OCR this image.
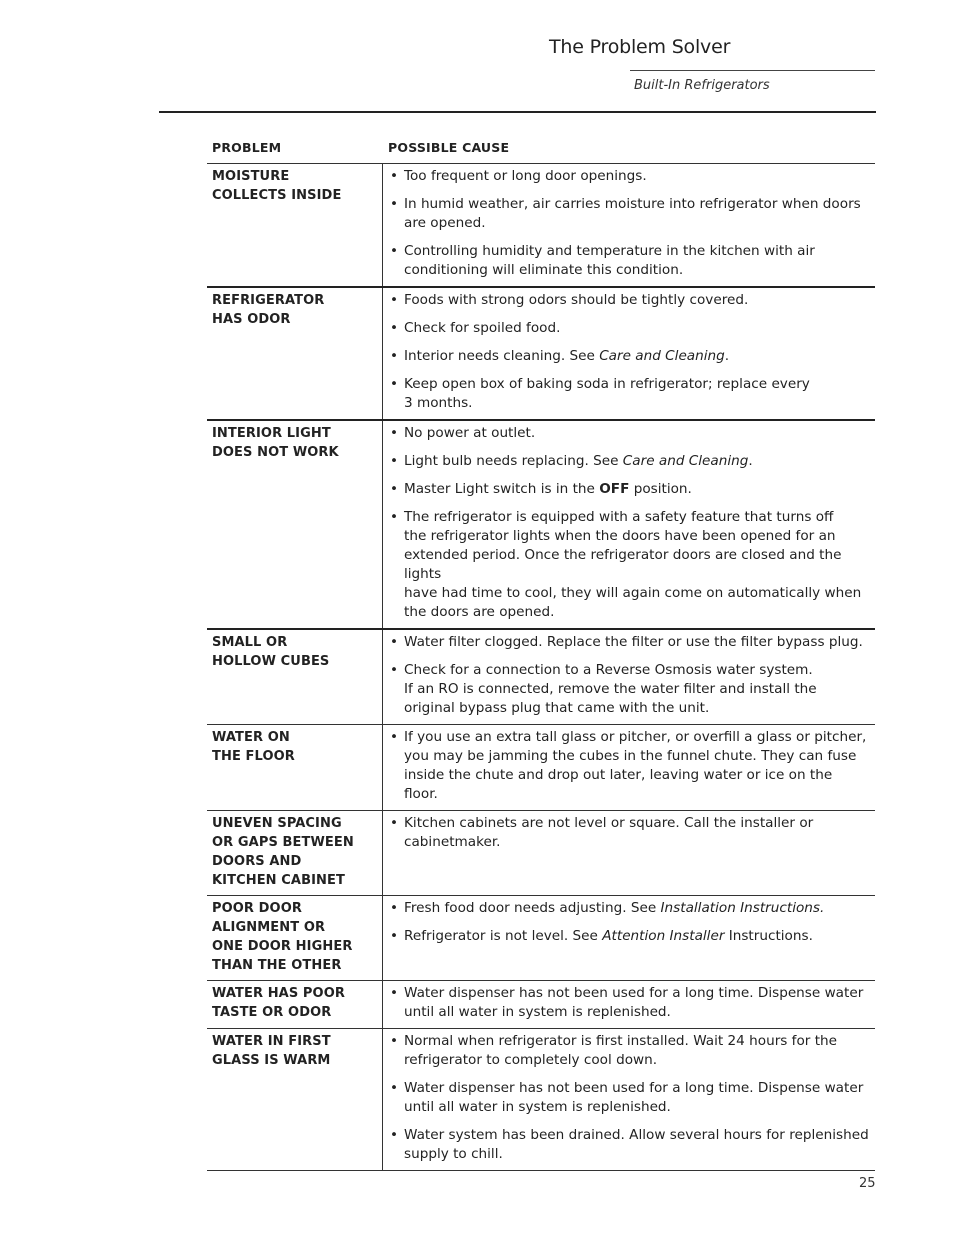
The Problem Solver
Built-In Refrigerators
PROBLEM	POSSIBLE CAUSE
MOISTURE
COLLECTS INSIDE
• Too frequent or long door openings.
• In humid weather, air carries moisture into refrigerator when doors are opened.
• Controlling humidity and temperature in the kitchen with air conditioning will eliminate this condition.
REFRIGERATOR
HAS ODOR
• Foods with strong odors should be tightly covered.
• Check for spoiled food.
• Interior needs cleaning. See Care and Cleaning.
• Keep open box of baking soda in refrigerator; replace every
3 months.
INTERIOR LIGHT
DOES NOT WORK
• No power at outlet.
• Light bulb needs replacing. See Care and Cleaning.
• Master Light switch is in the OFF position.
• The refrigerator is equipped with a safety feature that turns off
the refrigerator lights when the doors have been opened for an
extended period. Once the refrigerator doors are closed and the lights
have had time to cool, they will again come on automatically when
the doors are opened.
SMALL OR
HOLLOW CUBES
• Water filter clogged. Replace the filter or use the filter bypass plug.
• Check for a connection to a Reverse Osmosis water system.
If an RO is connected, remove the water filter and install the
original bypass plug that came with the unit.
WATER ON
THE FLOOR
• If you use an extra tall glass or pitcher, or overfill a glass or pitcher,
you may be jamming the cubes in the funnel chute. They can fuse
inside the chute and drop out later, leaving water or ice on the floor.
UNEVEN SPACING
OR GAPS BETWEEN
DOORS AND
KITCHEN CABINET
• Kitchen cabinets are not level or square. Call the installer or
cabinetmaker.
POOR DOOR
ALIGNMENT OR
ONE DOOR HIGHER
THAN THE OTHER
• Fresh food door needs adjusting. See Installation Instructions.
• Refrigerator is not level. See Attention Installer Instructions.
WATER HAS POOR
TASTE OR ODOR
• Water dispenser has not been used for a long time. Dispense water
until all water in system is replenished.
WATER IN FIRST
GLASS IS WARM
• Normal when refrigerator is first installed. Wait 24 hours for the
refrigerator to completely cool down.
• Water dispenser has not been used for a long time. Dispense water
until all water in system is replenished.
• Water system has been drained. Allow several hours for replenished
supply to chill.
25
